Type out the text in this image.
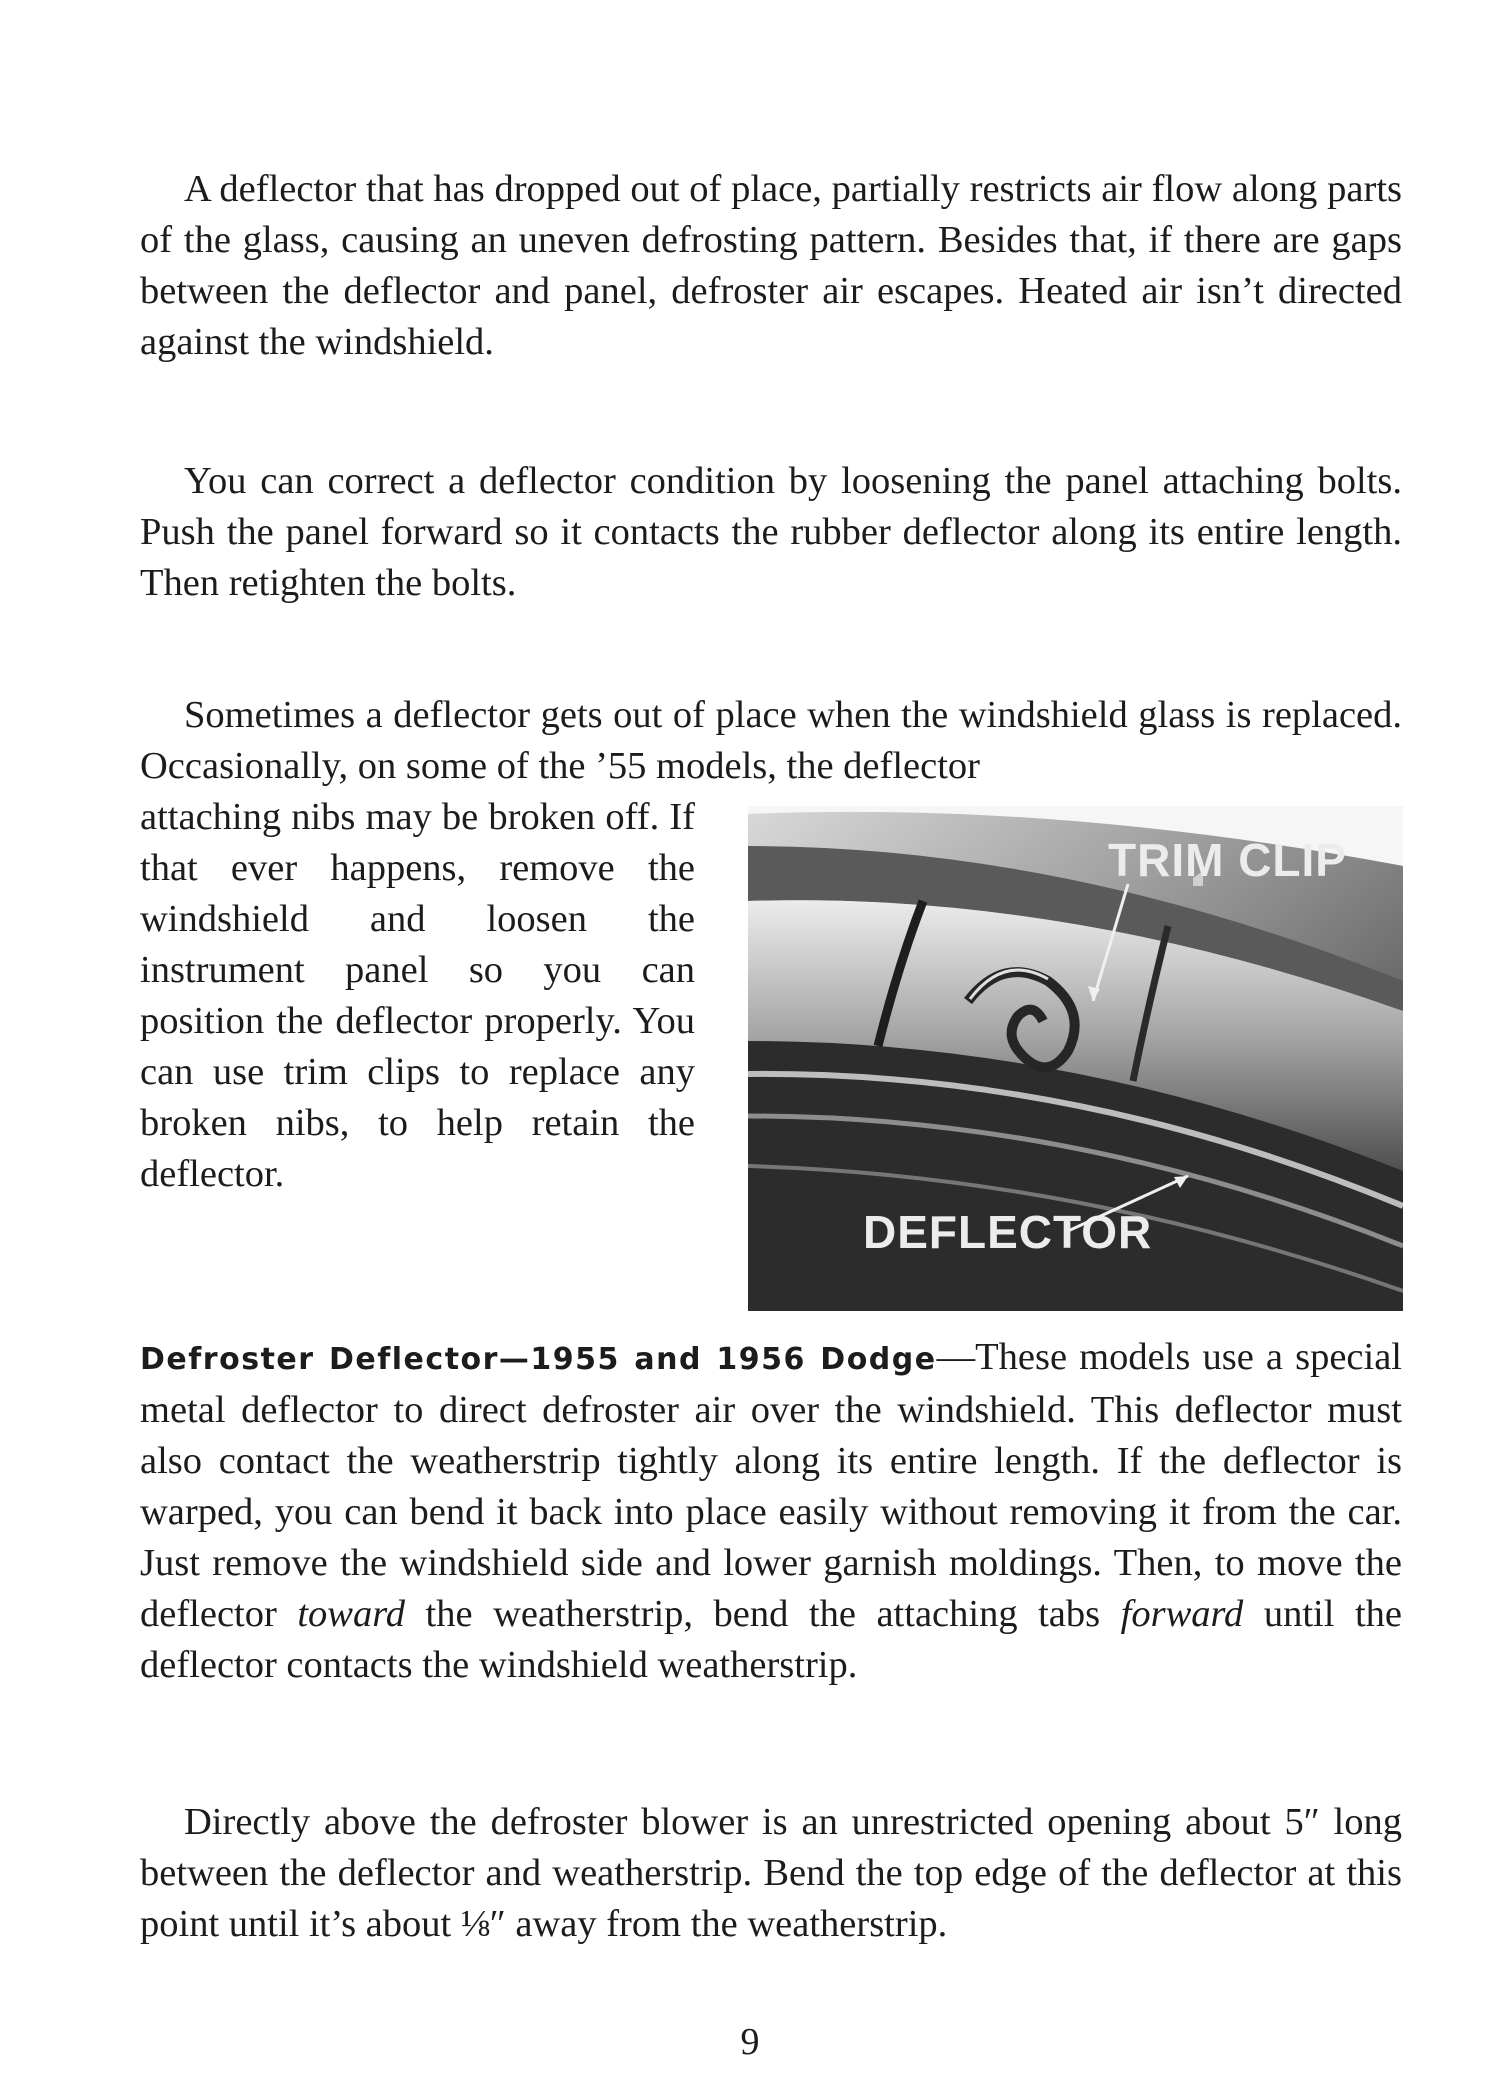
A deflector that has dropped out of place, partially restricts air flow along parts of the glass, causing an uneven defrosting pattern. Besides that, if there are gaps between the deflector and panel, defroster air escapes. Heated air isn’t directed against the windshield.

You can correct a deflector condition by loosening the panel attaching bolts. Push the panel forward so it contacts the rubber deflector along its entire length. Then retighten the bolts.

Sometimes a deflector gets out of place when the windshield glass is replaced. Occasionally, on some of the ’55 models, the deflector

attaching nibs may be broken off. If that ever happens, remove the windshield and loosen the instrument panel so you can position the deflector properly. You can use trim clips to replace any broken nibs, to help retain the deflector.

TRIM CLIP
DEFLECTOR

Defroster Deflector—1955 and 1956 Dodge—These models use a special metal deflector to direct defroster air over the windshield. This deflector must also contact the weatherstrip tightly along its entire length. If the deflector is warped, you can bend it back into place easily without removing it from the car. Just remove the windshield side and lower garnish moldings. Then, to move the deflector toward the weatherstrip, bend the attaching tabs forward until the deflector contacts the windshield weatherstrip.

Directly above the defroster blower is an unrestricted opening about 5″ long between the deflector and weatherstrip. Bend the top edge of the deflector at this point until it’s about ⅛″ away from the weatherstrip.

9
